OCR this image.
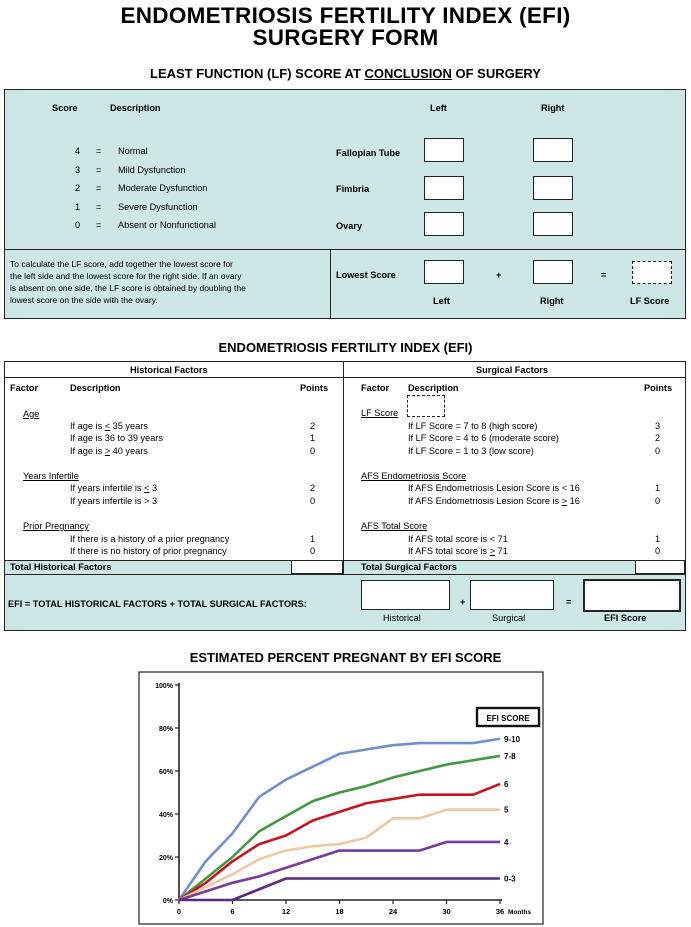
ENDOMETRIOSIS FERTILITY INDEX (EFI)
SURGERY FORM
LEAST FUNCTION (LF) SCORE AT CONCLUSION OF SURGERY
Score	Description	Left	Right
4 = Normal
3 = Mild Dysfunction
2 = Moderate Dysfunction
1 = Severe Dysfunction
0 = Absent or Nonfunctional
Fallopian Tube
Fimbria
Ovary
To calculate the LF score, add together the lowest score for
the left side and the lowest score for the right side. If an ovary
is absent on one side, the LF score is obtained by doubling the
lowest score on the side with the ovary.
Lowest Score	+	=
Left	Right	LF Score
ENDOMETRIOSIS FERTILITY INDEX (EFI)
Historical Factors	Surgical Factors
Factor	Description	Points
Age
If age is < 35 years	2
If age is 36 to 39 years	1
If age is > 40 years	0
Years Infertile
If years infertile is < 3	2
If years infertile is > 3	0
Prior Pregnancy
If there is a history of a prior pregnancy	1
If there is no history of prior pregnancy	0
Factor Description	Points
LF Score
If LF Score = 7 to 8 (high score)	3
If LF Score = 4 to 6 (moderate score)	2
If LF Score = 1 to 3 (low score)	0
AFS Endometriosis Score
If AFS Endometriosis Lesion Score is < 16	1
If AFS Endometriosis Lesion Score is > 16	0
AFS Total Score
If AFS total score is < 71	1
If AFS total score is > 71	0
Total Historical Factors	Total Surgical Factors
EFI = TOTAL HISTORICAL FACTORS + TOTAL SURGICAL FACTORS:	+	=
Historical	Surgical	EFI Score
ESTIMATED PERCENT PREGNANT BY EFI SCORE
0%
20%
40%
60%
80%
100%
0	6	12	18	24	30	36 Months
9-10
7-8
6
5
4
0-3
EFI SCORE
